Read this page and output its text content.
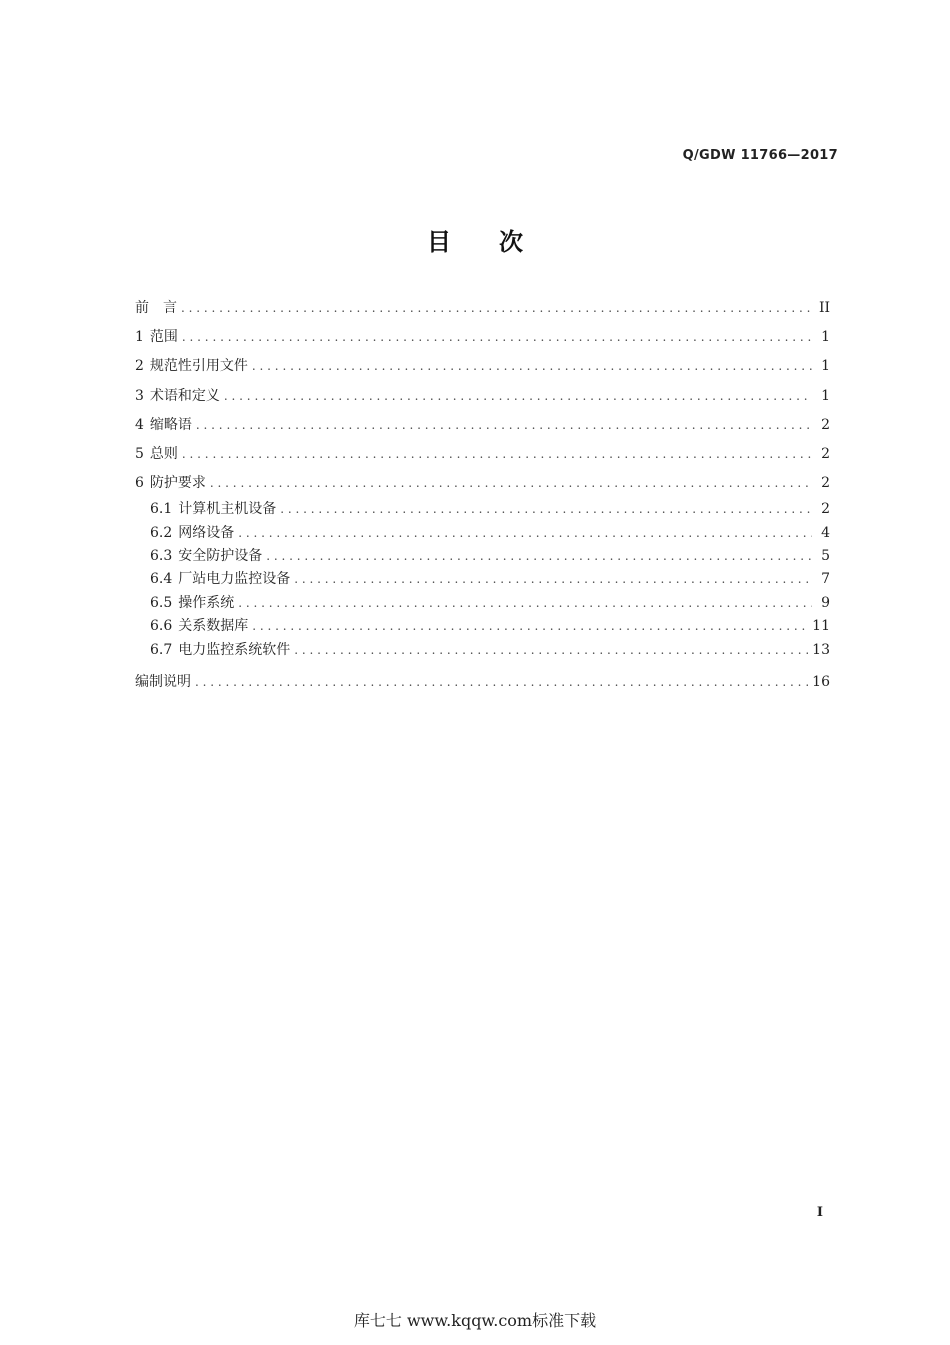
Q/GDW 11766—2017
目 次
前　言 . . .	II
1 范围 . . .	1
2 规范性引用文件 . . .	1
3 术语和定义 . . .	1
4 缩略语 . . .	2
5 总则 . . .	2
6 防护要求 . . .	2
6.1 计算机主机设备 . . .	2
6.2 网络设备 . . .	4
6.3 安全防护设备 . . .	5
6.4 厂站电力监控设备 . . .	7
6.5 操作系统 . . .	9
6.6 关系数据库 . . .	11
6.7 电力监控系统软件 . . .	13
编制说明 . . .	16
I
库七七 www.kqqw.com标准下载
